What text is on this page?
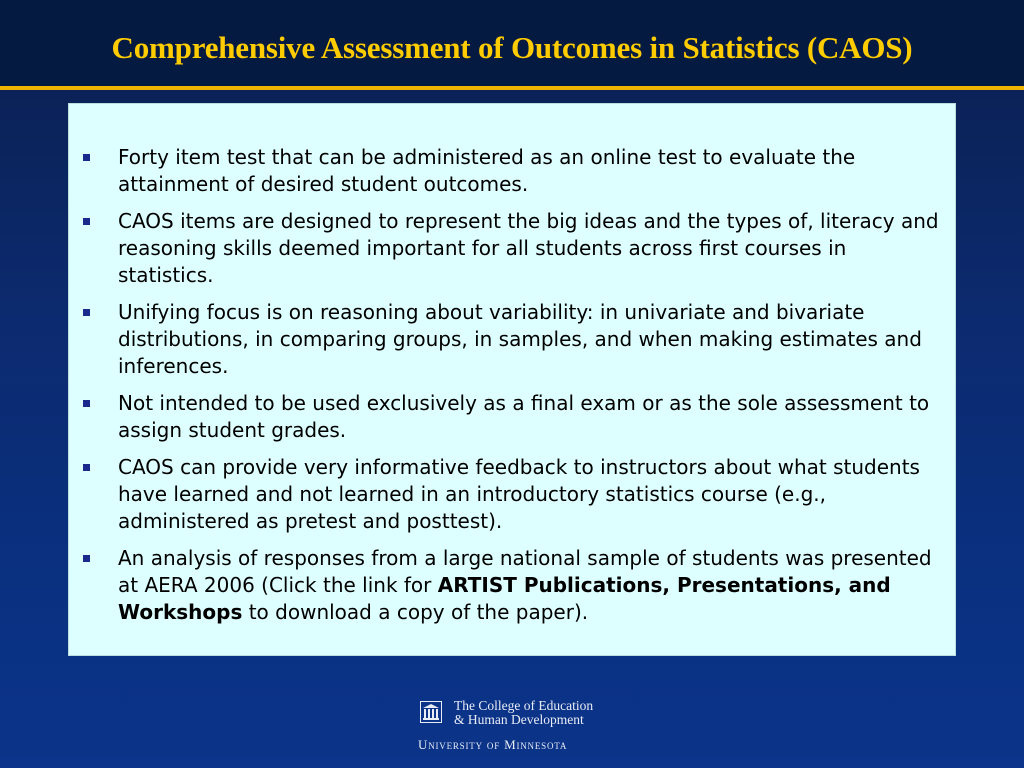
Comprehensive Assessment of Outcomes in Statistics (CAOS)
Forty item test that can be administered as an online test to evaluate the attainment of desired student outcomes.
CAOS items are designed to represent the big ideas and the types of, literacy and reasoning skills deemed important for all students across first courses in statistics.
Unifying focus is on reasoning about variability: in univariate and bivariate distributions, in comparing groups, in samples, and when making estimates and inferences.
Not intended to be used exclusively as a final exam or as the sole assessment to assign student grades.
CAOS can provide very informative feedback to instructors about what students have learned and not learned in an introductory statistics course (e.g., administered as pretest and posttest).
An analysis of responses from a large national sample of students was presented at AERA 2006 (Click the link for ARTIST Publications, Presentations, and Workshops to download a copy of the paper).
The College of Education
& Human Development
University of Minnesota
